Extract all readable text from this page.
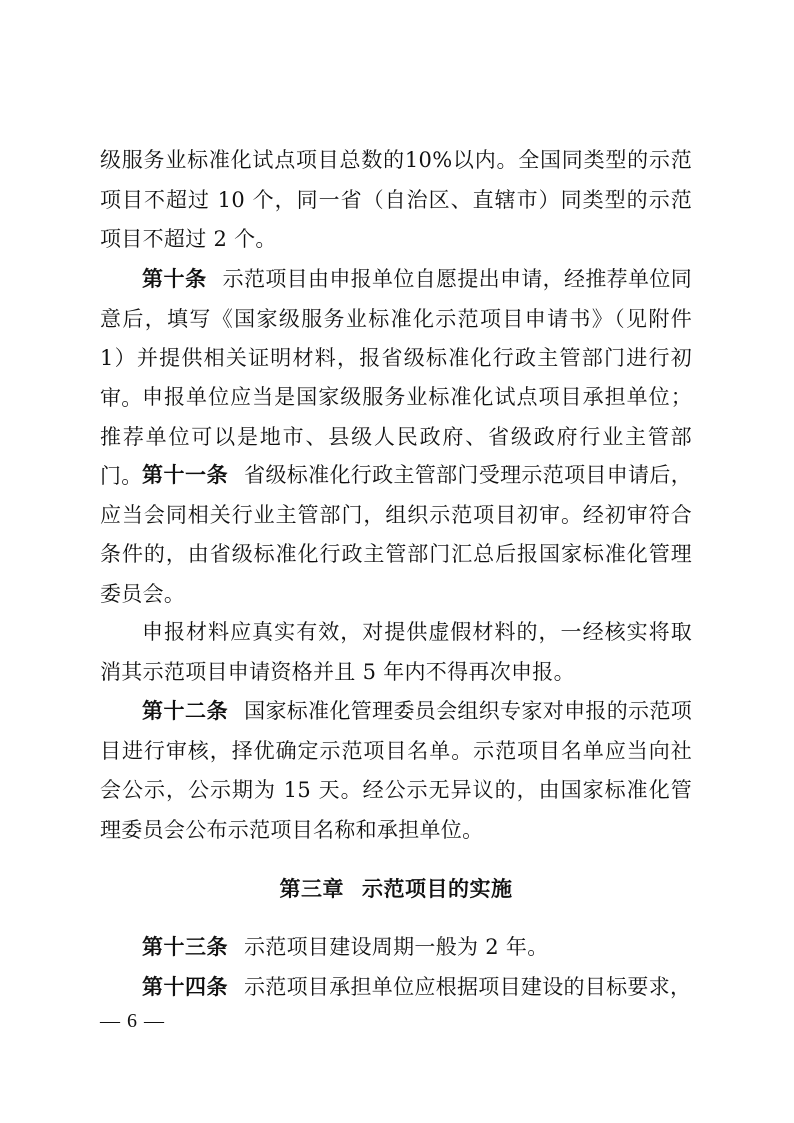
级服务业标准化试点项目总数的10%以内。全国同类型的示范项目不超过 10 个，同一省（自治区、直辖市）同类型的示范项目不超过 2 个。

第十条 示范项目由申报单位自愿提出申请，经推荐单位同意后，填写《国家级服务业标准化示范项目申请书》（见附件 1）并提供相关证明材料，报省级标准化行政主管部门进行初审。 申报单位应当是国家级服务业标准化试点项目承担单位；推荐单位可以是地市、县级人民政府、省级政府行业主管部门。 第十一条 省级标准化行政主管部门受理示范项目申请后，应当会同相关行业主管部门，组织示范项目初审。经初审符合条件的，由省级标准化行政主管部门汇总后报国家标准化管理委员会。

申报材料应真实有效，对提供虚假材料的，一经核实将取消其示范项目申请资格并且 5 年内不得再次申报。

第十二条 国家标准化管理委员会组织专家对申报的示范项目进行审核，择优确定示范项目名单。示范项目名单应当向社会公示，公示期为 15 天。经公示无异议的，由国家标准化管理委员会公布示范项目名称和承担单位。

第三章 示范项目的实施

第十三条 示范项目建设周期一般为 2 年。

第十四条 示范项目承担单位应根据项目建设的目标要求，

— 6 —
